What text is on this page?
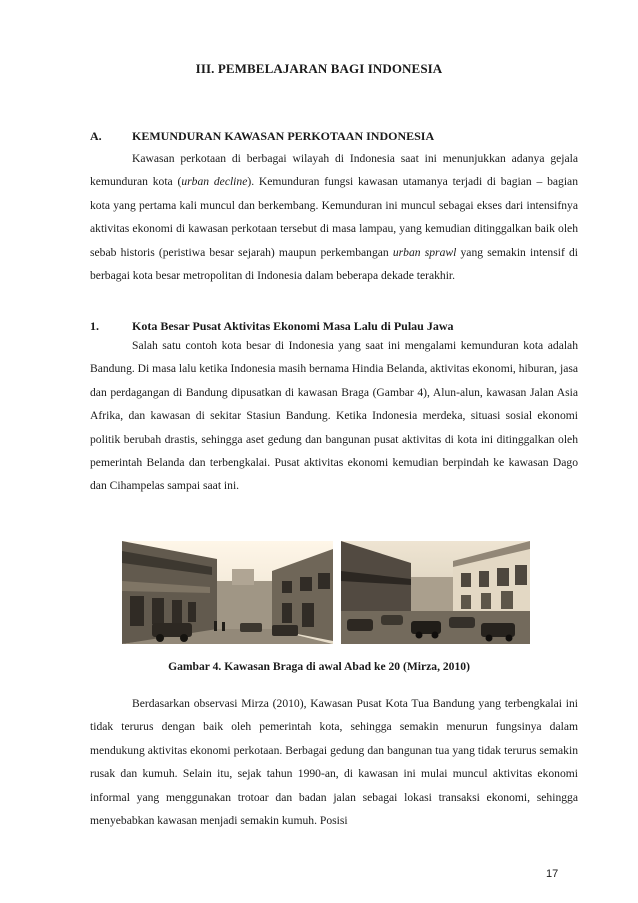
III. PEMBELAJARAN BAGI INDONESIA
A.	KEMUNDURAN KAWASAN PERKOTAAN INDONESIA

Kawasan perkotaan di berbagai wilayah di Indonesia saat ini menunjukkan adanya gejala kemunduran kota (urban decline). Kemunduran fungsi kawasan utamanya terjadi di bagian – bagian kota yang pertama kali muncul dan berkembang. Kemunduran ini muncul sebagai ekses dari intensifnya aktivitas ekonomi di kawasan perkotaan tersebut di masa lampau, yang kemudian ditinggalkan baik oleh sebab historis (peristiwa besar sejarah) maupun perkembangan urban sprawl yang semakin intensif di berbagai kota besar metropolitan di Indonesia dalam beberapa dekade terakhir.

1.	Kota Besar Pusat Aktivitas Ekonomi Masa Lalu di Pulau Jawa

Salah satu contoh kota besar di Indonesia yang saat ini mengalami kemunduran kota adalah Bandung. Di masa lalu ketika Indonesia masih bernama Hindia Belanda, aktivitas ekonomi, hiburan, jasa dan perdagangan di Bandung dipusatkan di kawasan Braga (Gambar 4), Alun-alun, kawasan Jalan Asia Afrika, dan kawasan di sekitar Stasiun Bandung. Ketika Indonesia merdeka, situasi sosial ekonomi politik berubah drastis, sehingga aset gedung dan bangunan pusat aktivitas di kota ini ditinggalkan oleh pemerintah Belanda dan terbengkalai. Pusat aktivitas ekonomi kemudian berpindah ke kawasan Dago dan Cihampelas sampai saat ini.

Gambar 4. Kawasan Braga di awal Abad ke 20 (Mirza, 2010)

Berdasarkan observasi Mirza (2010), Kawasan Pusat Kota Tua Bandung yang terbengkalai ini tidak terurus dengan baik oleh pemerintah kota, sehingga semakin menurun fungsinya dalam mendukung aktivitas ekonomi perkotaan. Berbagai gedung dan bangunan tua yang tidak terurus semakin rusak dan kumuh. Selain itu, sejak tahun 1990-an, di kawasan ini mulai muncul aktivitas ekonomi informal yang menggunakan trotoar dan badan jalan sebagai lokasi transaksi ekonomi, sehingga menyebabkan kawasan menjadi semakin kumuh. Posisi

17
